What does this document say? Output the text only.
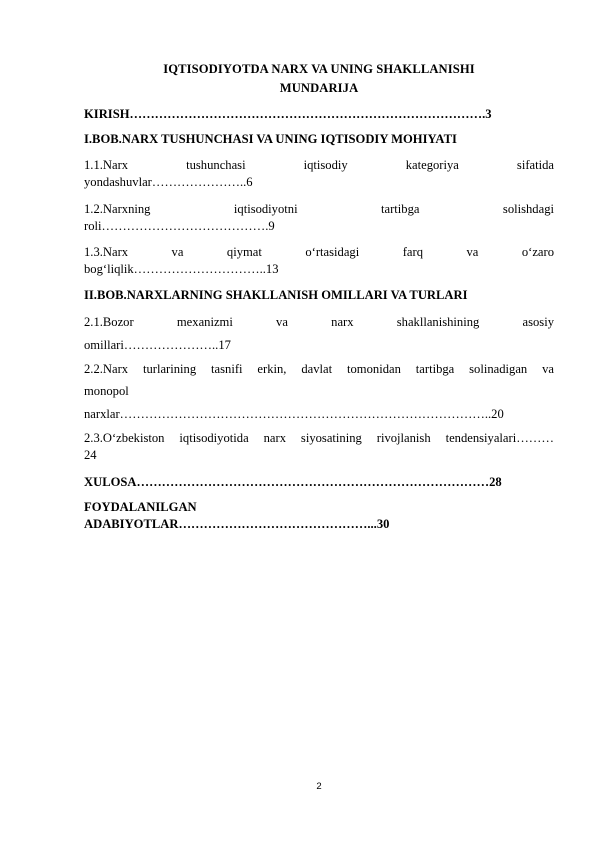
IQTISODIYOTDA NARX VA UNING SHAKLLANISHI
MUNDARIJA
KIRISH………………………………………………………………………….3
I.BOB.NARX TUSHUNCHASI VA UNING IQTISODIY MOHIYATI
1.1.Narx tushunchasi iqtisodiy kategoriya sifatida
yondashuvlar…………………..6
1.2.Narxning iqtisodiyotni tartibga solishdagi
roli………………………………….9
1.3.Narx va qiymat o‘rtasidagi farq va o‘zaro
bog‘liqlik…………………………..13
II.BOB.NARXLARNING SHAKLLANISH OMILLARI VA TURLARI
2.1.Bozor mexanizmi va narx shakllanishining asosiy
omillari…………………..17
2.2.Narx turlarining tasnifi erkin, davlat tomonidan tartibga solinadigan va
monopol
narxlar……………………………………………………………………………..20
2.3.O‘zbekiston iqtisodiyotida narx siyosatining rivojlanish tendensiyalari………
24
XULOSA…………………………………………………………………………28
FOYDALANILGAN
ADABIYOTLAR………………………………………...30
2
